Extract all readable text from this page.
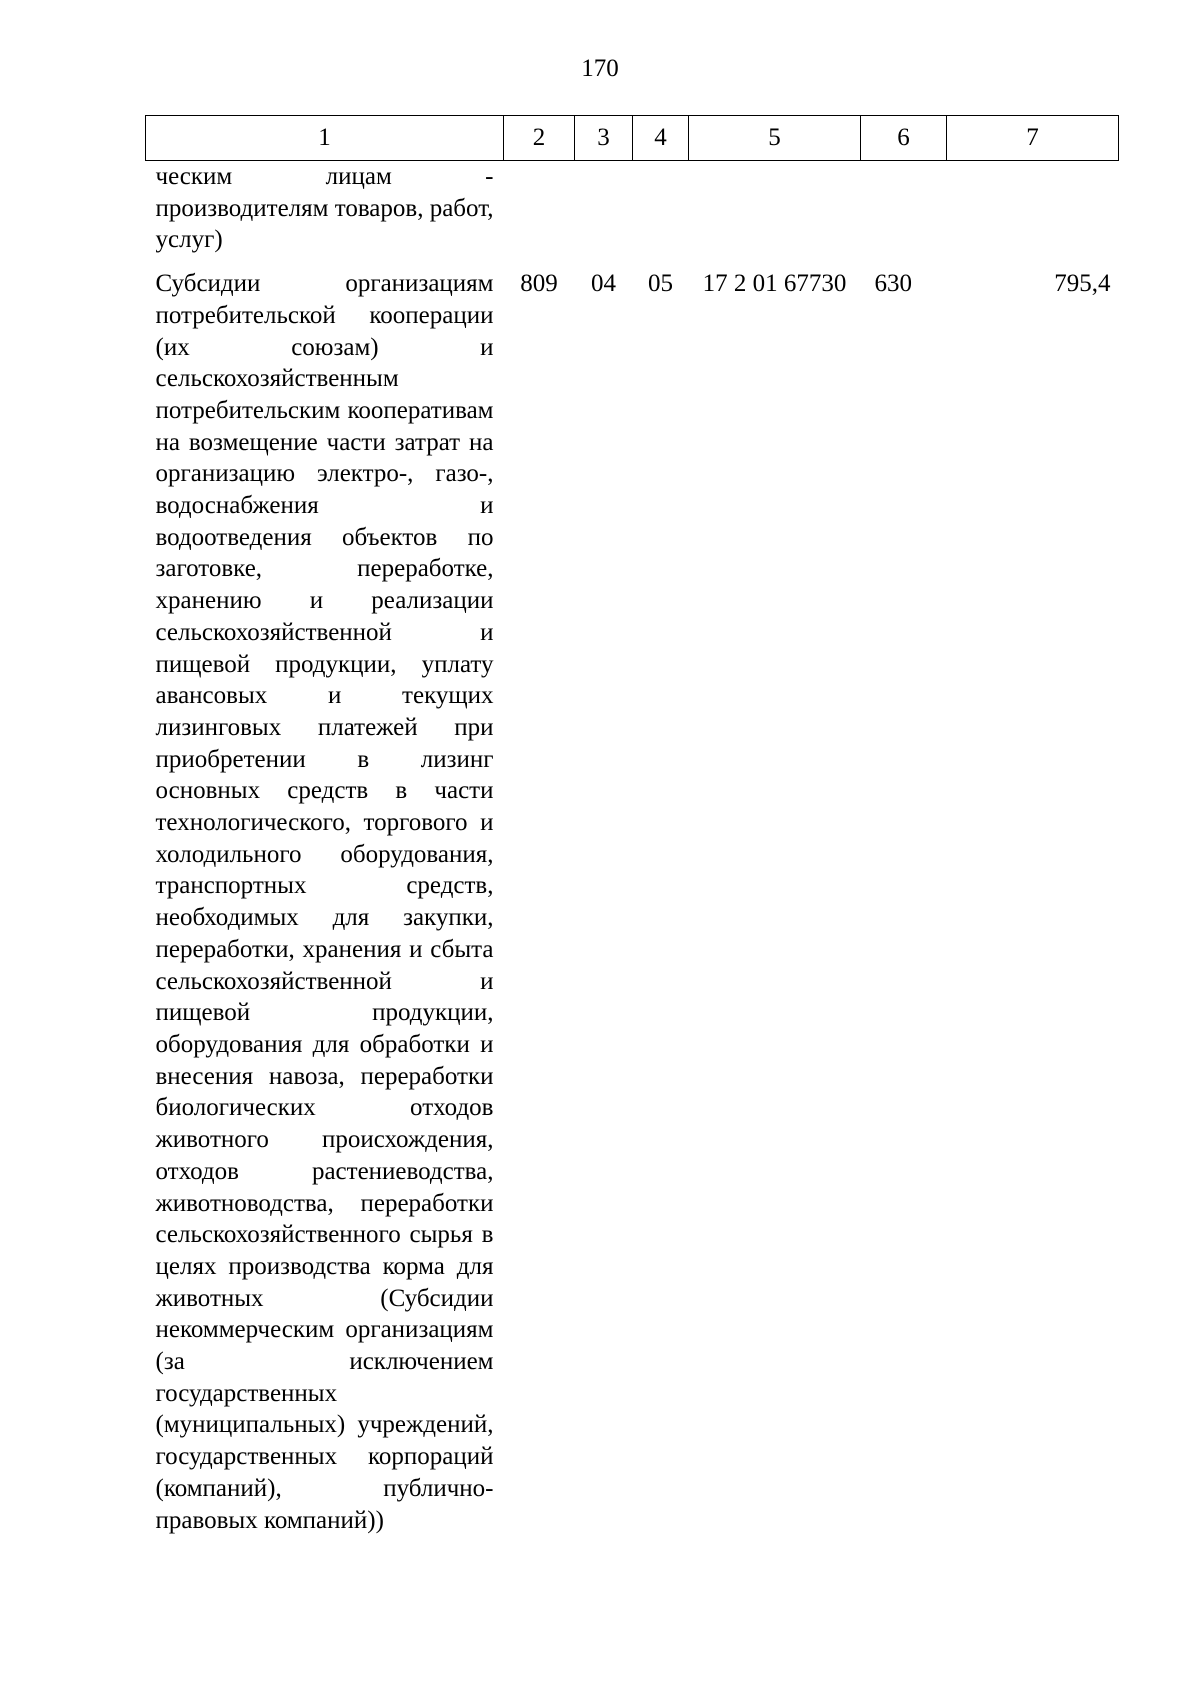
170
1	2	3	4	5	6	7
ческим лицам - производителям товаров, работ, услуг)						
Субсидии организациям потребительской кооперации (их союзам) и сельскохозяйственным потребительским кооперативам на возмещение части затрат на организацию электро-, газо-, водоснабжения и водоотведения объектов по заготовке, переработке, хранению и реализации сельскохозяйственной и пищевой продукции, уплату авансовых и текущих лизинговых платежей при приобретении в лизинг основных средств в части технологического, торгового и холодильного оборудования, транспортных средств, необходимых для закупки, переработки, хранения и сбыта сельскохозяйственной и пищевой продукции, оборудования для обработки и внесения навоза, переработки биологических отходов животного происхождения, отходов растениеводства, животноводства, переработки сельскохозяйственного сырья в целях производства корма для животных (Субсидии некоммерческим организациям (за исключением государственных (муниципальных) учреждений, государственных корпораций (компаний), публично-правовых компаний))	809	04	05	17 2 01 67730	630	795,4
